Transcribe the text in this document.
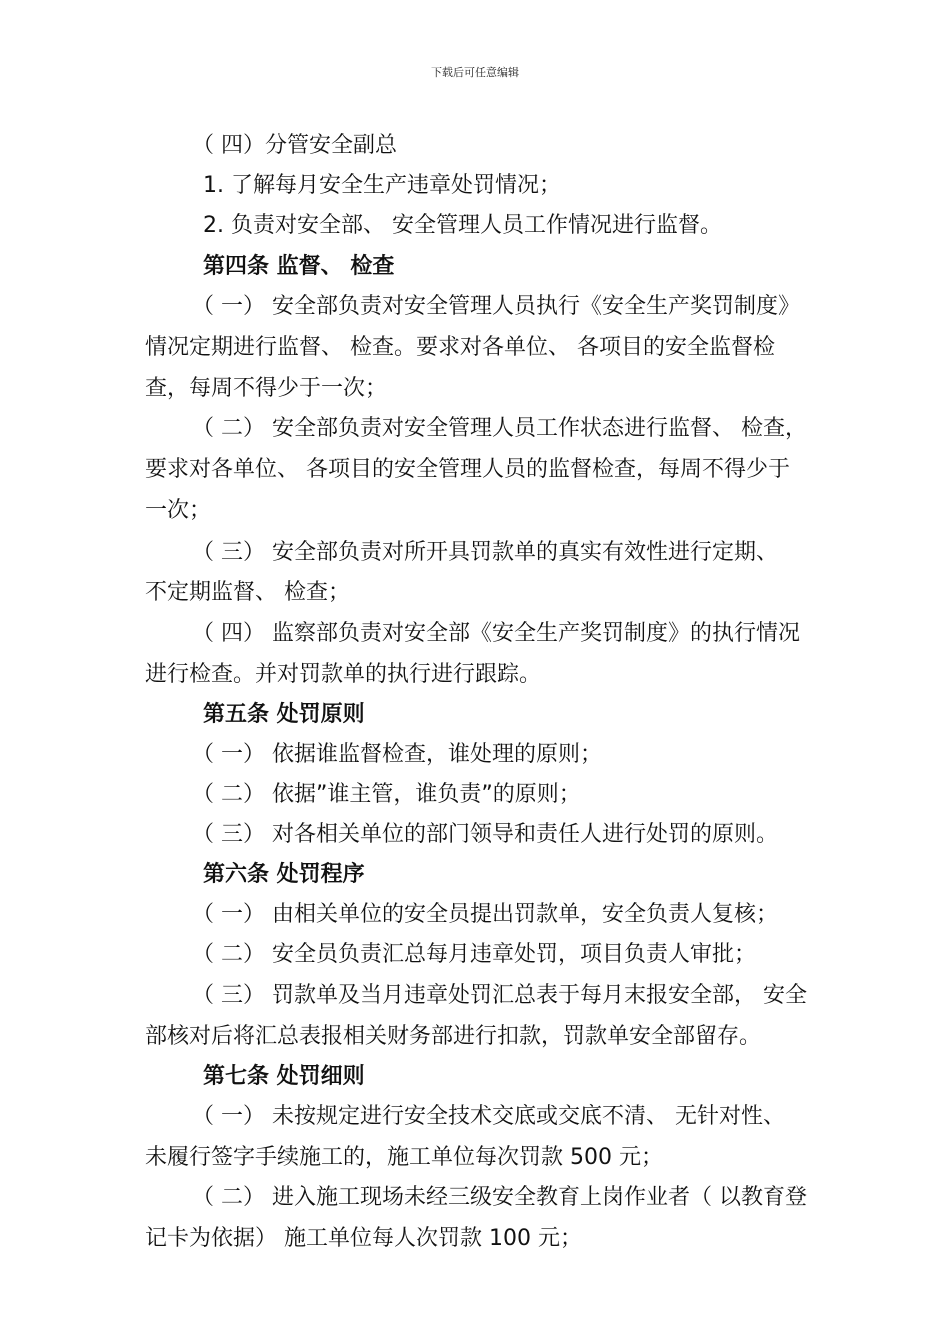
下载后可任意编辑
（ 四）分管安全副总
1. 了解每月安全生产违章处罚情况；
2. 负责对安全部、 安全管理人员工作情况进行监督。
第四条 监督、 检查
（ 一） 安全部负责对安全管理人员执行《安全生产奖罚制度》
情况定期进行监督、 检查。要求对各单位、 各项目的安全监督检
查，每周不得少于一次；
（ 二） 安全部负责对安全管理人员工作状态进行监督、 检查，
要求对各单位、 各项目的安全管理人员的监督检查，每周不得少于
一次；
（ 三） 安全部负责对所开具罚款单的真实有效性进行定期、
不定期监督、 检查；
（ 四） 监察部负责对安全部《安全生产奖罚制度》的执行情况
进行检查。并对罚款单的执行进行跟踪。
第五条 处罚原则
（ 一） 依据谁监督检查，谁处理的原则；
（ 二） 依据”谁主管，谁负责”的原则；
（ 三） 对各相关单位的部门领导和责任人进行处罚的原则。
第六条 处罚程序
（ 一） 由相关单位的安全员提出罚款单，安全负责人复核；
（ 二） 安全员负责汇总每月违章处罚，项目负责人审批；
（ 三） 罚款单及当月违章处罚汇总表于每月末报安全部， 安全
部核对后将汇总表报相关财务部进行扣款，罚款单安全部留存。
第七条 处罚细则
（ 一） 未按规定进行安全技术交底或交底不清、 无针对性、
未履行签字手续施工的，施工单位每次罚款 500 元；
（ 二） 进入施工现场未经三级安全教育上岗作业者（ 以教育登
记卡为依据） 施工单位每人次罚款 100 元；
